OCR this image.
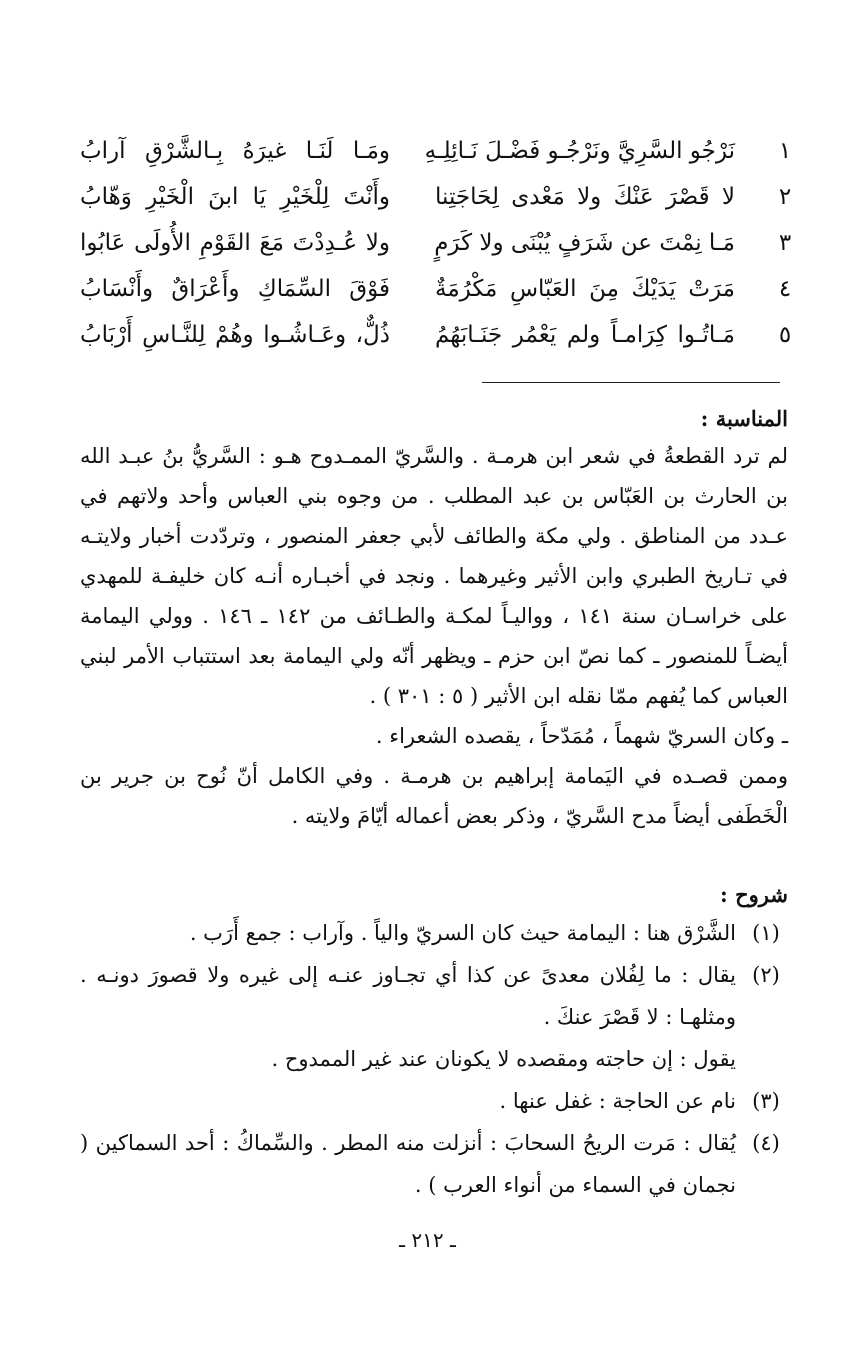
١
نَرْجُو السَّرِيَّ ونَرْجُـو فَضْـلَ نَـائِلِـهِ
ومَـا لَنَـا غيرَهُ بِـالشَّرْقِ آرابُ
٢
لا قَصْرَ عَنْكَ ولا مَعْدى لِحَاجَتِنا
وأَنْتَ لِلْخَيْرِ يَا ابنَ الْخَيْرِ وَهّابُ
٣
مَـا نِمْتَ عن شَرَفٍ يُبْنَى ولا كَرَمٍ
ولا عُـدِدْتَ مَعَ القَوْمِ الأُولَى عَابُوا
٤
مَرَتْ يَدَيْكَ مِنَ العَبّاسِ مَكْرُمَةٌ
فَوْقَ السِّمَاكِ وأَعْرَاقٌ وأَنْسَابُ
٥
مَـاتُـوا كِرَامـاً ولم يَعْمُر جَنَـابَهُمُ
ذُلٌّ، وعَـاشُـوا وهُمْ لِلنَّـاسِ أَرْبَابُ
المناسبة :

لم ترد القطعةُ في شعر ابن هرمـة . والسَّريّ الممـدوح هـو : السَّريُّ بنُ عبـد الله بن الحارث بن العَبّاس بن عبد المطلب . من وجوه بني العباس وأحد ولاتهم في عـدد من المناطق . ولي مكة والطائف لأبي جعفر المنصور ، وتردّدت أخبار ولايتـه في تـاريخ الطبري وابن الأثير وغيرهما . ونجد في أخبـاره أنـه كان خليفـة للمهدي على خراسـان سنة ١٤١ ، وواليـاً لمكـة والطـائف من ١٤٢ ـ ١٤٦ . وولي اليمامة أيضـاً للمنصور ـ كما نصّ ابن حزم ـ ويظهر أنّه ولي اليمامة بعد استتباب الأمر لبني العباس كما يُفهم ممّا نقله ابن الأثير ( ٥ : ٣٠١ ) .

ـ وكان السريّ شهماً ، مُمَدّحاً ، يقصده الشعراء .

وممن قصـده في اليَمامة إبراهيم بن هرمـة . وفي الكامل أنّ نُوح بن جرير بن الْخَطَفى أيضاً مدح السَّريّ ، وذكر بعض أعماله أيّامَ ولايته .

شروح :
(١)
الشَّرْق هنا : اليمامة حيث كان السريّ والياً . وآراب : جمع أَرَب .
(٢)
يقال : ما لِفُلان معدىً عن كذا أي تجـاوز عنـه إلى غيره ولا قصورَ دونـه . ومثلهـا : لا قَصْرَ عنكَ .
يقول : إن حاجته ومقصده لا يكونان عند غير الممدوح .
(٣)
نام عن الحاجة : غفل عنها .
(٤)
يُقال : مَرت الريحُ السحابَ : أنزلت منه المطر . والسِّماكُ : أحد السماكين ( نجمان في السماء من أنواء العرب ) .
ـ ٢١٢ ـ
